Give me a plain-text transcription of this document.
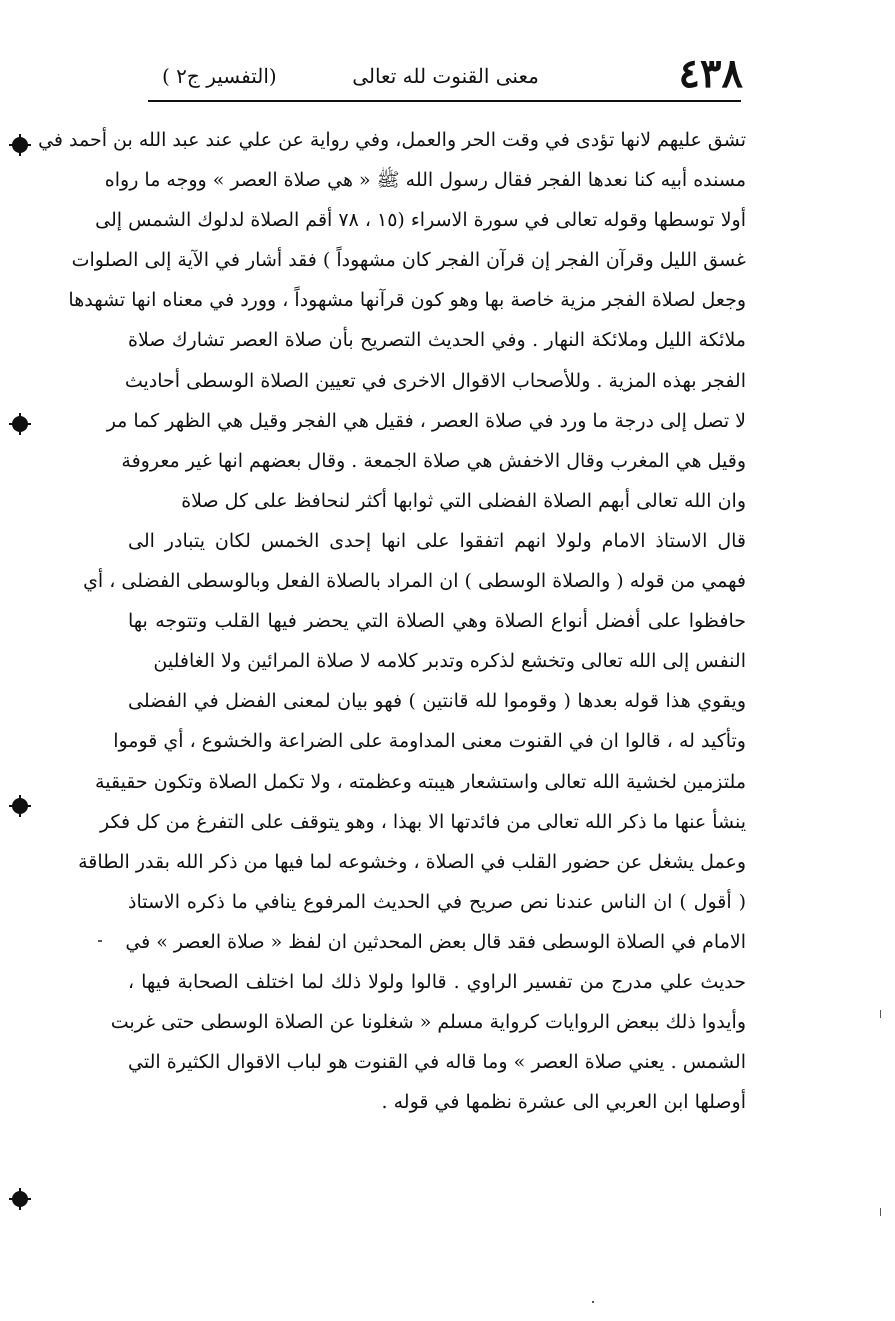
٤٣٨
معنى القنوت لله تعالى
(التفسير ج٢ )
تشق عليهم لانها تؤدى في وقت الحر والعمل، وفي رواية عن علي عند عبد الله بن أحمد في
مسنده أبيه كنا نعدها الفجر فقال رسول الله ﷺ « هي صلاة العصر » ووجه ما رواه
أولا توسطها وقوله تعالى في سورة الاسراء (١٥ ، ٧٨ أقم الصلاة لدلوك الشمس إلى
غسق الليل وقرآن الفجر إن قرآن الفجر كان مشهوداً ) فقد أشار في الآية إلى الصلوات
وجعل لصلاة الفجر مزية خاصة بها وهو كون قرآنها مشهوداً ، وورد في معناه انها تشهدها
ملائكة الليل وملائكة النهار . وفي الحديث التصريح بأن صلاة العصر تشارك صلاة
الفجر بهذه المزية . وللأصحاب الاقوال الاخرى في تعيين الصلاة الوسطى أحاديث
لا تصل إلى درجة ما ورد في صلاة العصر ، فقيل هي الفجر وقيل هي الظهر كما مر
وقيل هي المغرب وقال الاخفش هي صلاة الجمعة . وقال بعضهم انها غير معروفة
وان الله تعالى أبهم الصلاة الفضلى التي ثوابها أكثر لنحافظ على كل صلاة
قال الاستاذ الامام ولولا انهم اتفقوا على انها إحدى الخمس لكان يتبادر الى
فهمي من قوله ( والصلاة الوسطى ) ان المراد بالصلاة الفعل وبالوسطى الفضلى ، أي
حافظوا على أفضل أنواع الصلاة وهي الصلاة التي يحضر فيها القلب وتتوجه بها
النفس إلى الله تعالى وتخشع لذكره وتدبر كلامه لا صلاة المرائين ولا الغافلين
ويقوي هذا قوله بعدها ( وقوموا لله قانتين ) فهو بيان لمعنى الفضل في الفضلى
وتأكيد له ، قالوا ان في القنوت معنى المداومة على الضراعة والخشوع ، أي قوموا
ملتزمين لخشية الله تعالى واستشعار هيبته وعظمته ، ولا تكمل الصلاة وتكون حقيقية
ينشأ عنها ما ذكر الله تعالى من فائدتها الا بهذا ، وهو يتوقف على التفرغ من كل فكر
وعمل يشغل عن حضور القلب في الصلاة ، وخشوعه لما فيها من ذكر الله بقدر الطاقة
( أقول ) ان الناس عندنا نص صريح في الحديث المرفوع ينافي ما ذكره الاستاذ
الامام في الصلاة الوسطى فقد قال بعض المحدثين ان لفظ « صلاة العصر » في
حديث علي مدرج من تفسير الراوي . قالوا ولولا ذلك لما اختلف الصحابة فيها ،
وأيدوا ذلك ببعض الروايات كرواية مسلم « شغلونا عن الصلاة الوسطى حتى غربت
الشمس . يعني صلاة العصر » وما قاله في القنوت هو لباب الاقوال الكثيرة التي
أوصلها ابن العربي الى عشرة نظمها في قوله .
